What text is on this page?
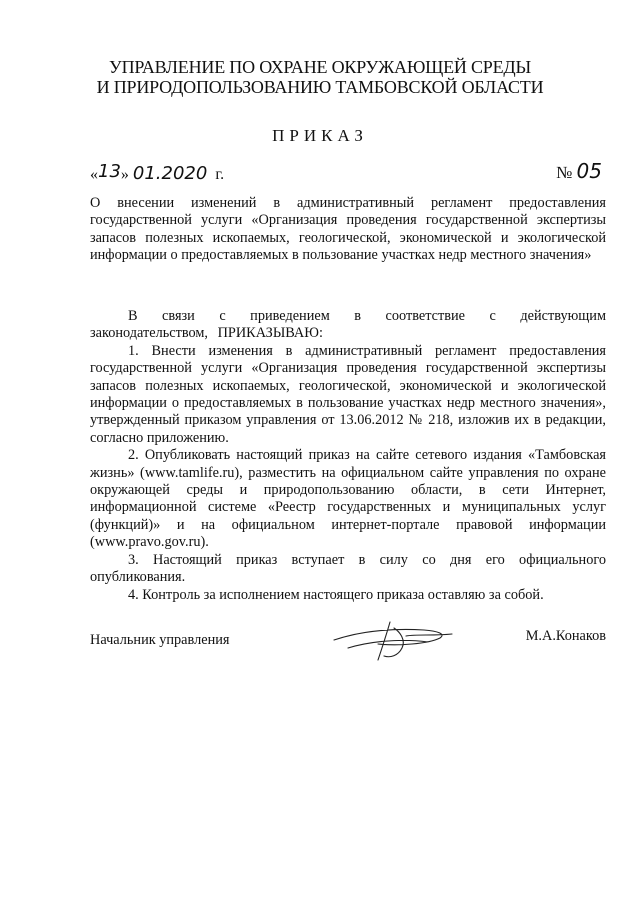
УПРАВЛЕНИЕ ПО ОХРАНЕ ОКРУЖАЮЩЕЙ СРЕДЫ
И ПРИРОДОПОЛЬЗОВАНИЮ ТАМБОВСКОЙ ОБЛАСТИ
ПРИКАЗ
«13» 01.2020 г.	№ 05
О внесении изменений в административный регламент предоставления государственной услуги «Организация проведения государственной экспертизы запасов полезных ископаемых, геологической, экономической и экологической информации о предоставляемых в пользование участках недр местного значения»

В связи с приведением в соответствие с действующим законодательством, ПРИКАЗЫВАЮ:

1. Внести изменения в административный регламент предоставления государственной услуги «Организация проведения государственной экспертизы запасов полезных ископаемых, геологической, экономической и экологической информации о предоставляемых в пользование участках недр местного значения», утвержденный приказом управления от 13.06.2012 № 218, изложив их в редакции, согласно приложению.

2. Опубликовать настоящий приказ на сайте сетевого издания «Тамбовская жизнь» (www.tamlife.ru), разместить на официальном сайте управления по охране окружающей среды и природопользованию области, в сети Интернет, информационной системе «Реестр государственных и муниципальных услуг (функций)» и на официальном интернет-портале правовой информации (www.pravo.gov.ru).

3. Настоящий приказ вступает в силу со дня его официального опубликования.

4. Контроль за исполнением настоящего приказа оставляю за собой.

Начальник управления	М.А.Конаков
